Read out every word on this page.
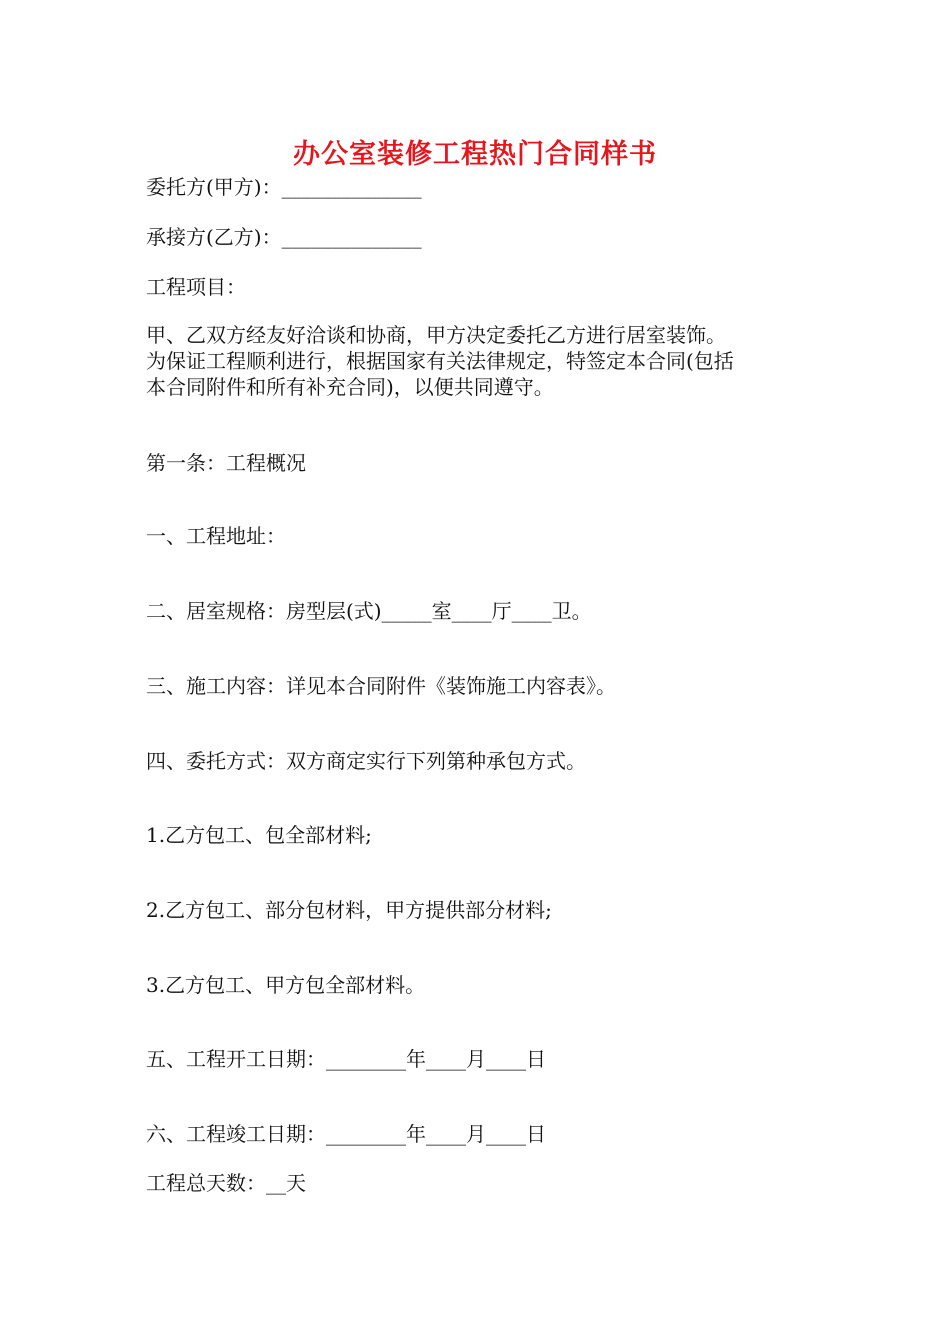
办公室装修工程热门合同样书
委托方(甲方)：______________
承接方(乙方)：______________
工程项目：
甲、乙双方经友好洽谈和协商，甲方决定委托乙方进行居室装饰。
为保证工程顺利进行，根据国家有关法律规定，特签定本合同(包括
本合同附件和所有补充合同)，以便共同遵守。
第一条：工程概况
一、工程地址：
二、居室规格：房型层(式)_____室____厅____卫。
三、施工内容：详见本合同附件《装饰施工内容表》。
四、委托方式：双方商定实行下列第种承包方式。
1.乙方包工、包全部材料;
2.乙方包工、部分包材料，甲方提供部分材料;
3.乙方包工、甲方包全部材料。
五、工程开工日期：________年____月____日
六、工程竣工日期：________年____月____日
工程总天数：__天
